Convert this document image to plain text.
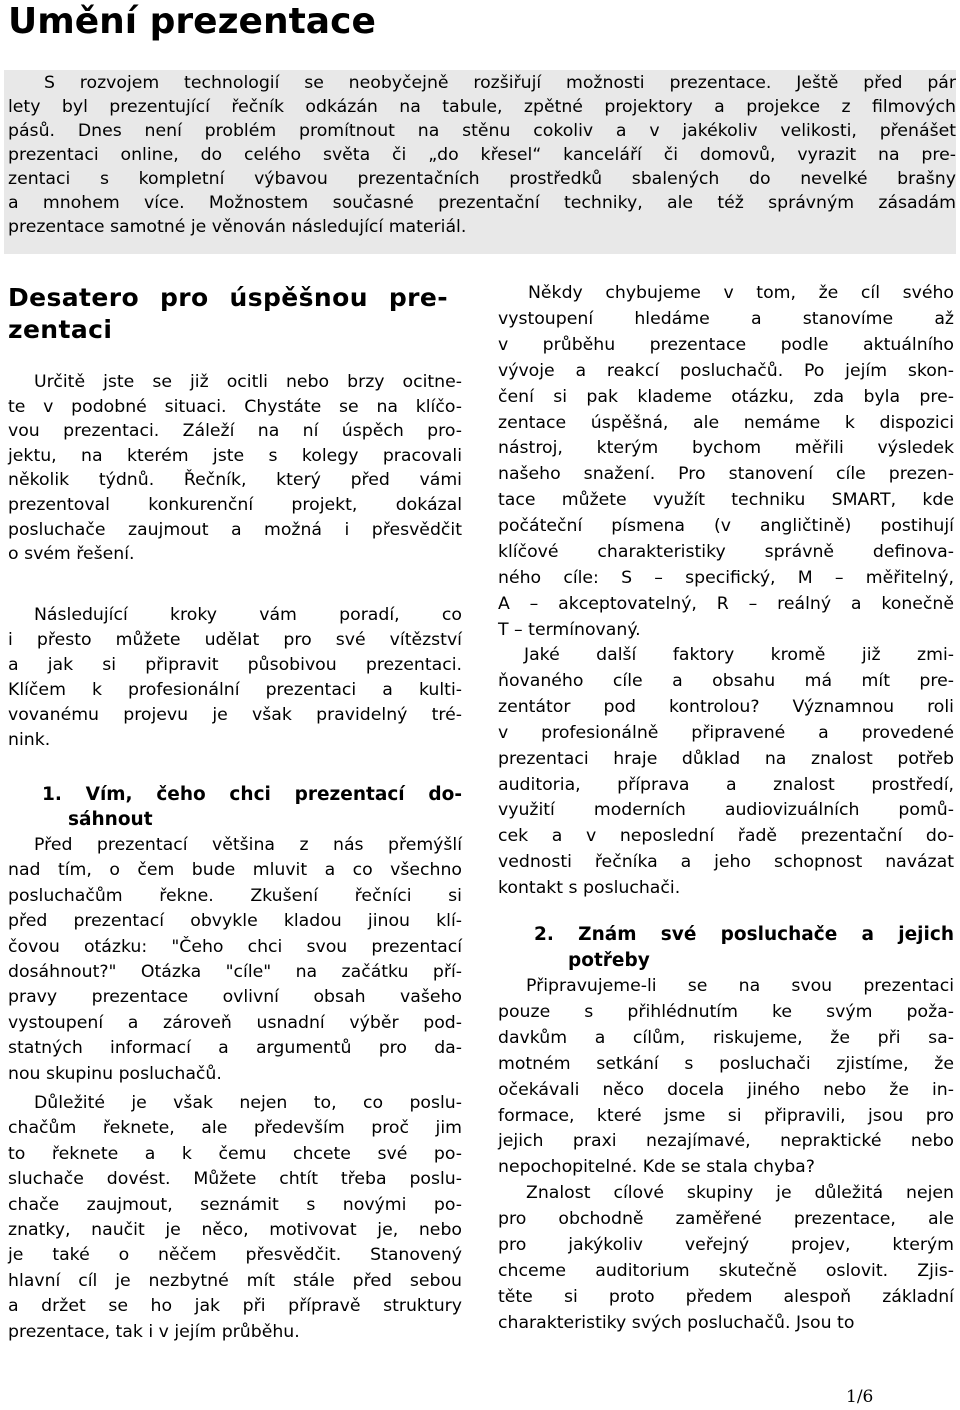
Umění prezentace
S rozvojem technologií se neobyčejně rozšiřují možnosti prezentace. Ještě před pár
lety byl prezentující řečník odkázán na tabule, zpětné projektory a projekce z filmových
pásů. Dnes není problém promítnout na stěnu cokoliv a v jakékoliv velikosti, přenášet
prezentaci online, do celého světa či „do křesel“ kanceláří či domovů, vyrazit na pre-
zentaci s kompletní výbavou prezentačních prostředků sbalených do nevelké brašny
a mnohem více. Možnostem současné prezentační techniky, ale též správným zásadám
prezentace samotné je věnován následující materiál.
Desatero pro úspěšnou pre-
zentaci
Určitě jste se již ocitli nebo brzy ocitne-
te v podobné situaci. Chystáte se na klíčo-
vou prezentaci. Záleží na ní úspěch pro-
jektu, na kterém jste s kolegy pracovali
několik týdnů. Řečník, který před vámi
prezentoval konkurenční projekt, dokázal
posluchače zaujmout a možná i přesvědčit
o svém řešení.
Následující kroky vám poradí, co
i přesto můžete udělat pro své vítězství
a jak si připravit působivou prezentaci.
Klíčem k profesionální prezentaci a kulti-
vovanému projevu je však pravidelný tré-
nink.
1. Vím, čeho chci prezentací do-
sáhnout
Před prezentací většina z nás přemýšlí
nad tím, o čem bude mluvit a co všechno
posluchačům řekne. Zkušení řečníci si
před prezentací obvykle kladou jinou klí-
čovou otázku: "Čeho chci svou prezentací
dosáhnout?" Otázka "cíle" na začátku pří-
pravy prezentace ovlivní obsah vašeho
vystoupení a zároveň usnadní výběr pod-
statných informací a argumentů pro da-
nou skupinu posluchačů.
Důležité je však nejen to, co poslu-
chačům řeknete, ale především proč jim
to řeknete a k čemu chcete své po-
sluchače dovést. Můžete chtít třeba poslu-
chače zaujmout, seznámit s novými po-
znatky, naučit je něco, motivovat je, nebo
je také o něčem přesvědčit. Stanovený
hlavní cíl je nezbytné mít stále před sebou
a držet se ho jak při přípravě struktury
prezentace, tak i v jejím průběhu.
Někdy chybujeme v tom, že cíl svého
vystoupení hledáme a stanovíme až
v průběhu prezentace podle aktuálního
vývoje a reakcí posluchačů. Po jejím skon-
čení si pak klademe otázku, zda byla pre-
zentace úspěšná, ale nemáme k dispozici
nástroj, kterým bychom měřili výsledek
našeho snažení. Pro stanovení cíle prezen-
tace můžete využít techniku SMART, kde
počáteční písmena (v angličtině) postihují
klíčové charakteristiky správně definova-
ného cíle: S – specifický, M – měřitelný,
A – akceptovatelný, R – reálný a konečně
T – termínovaný.
Jaké další faktory kromě již zmi-
ňovaného cíle a obsahu má mít pre-
zentátor pod kontrolou? Významnou roli
v profesionálně připravené a provedené
prezentaci hraje důklad na znalost potřeb
auditoria, příprava a znalost prostředí,
využití moderních audiovizuálních pomů-
cek a v neposlední řadě prezentační do-
vednosti řečníka a jeho schopnost navázat
kontakt s posluchači.
2. Znám své posluchače a jejich
potřeby
Připravujeme-li se na svou prezentaci
pouze s přihlédnutím ke svým poža-
davkům a cílům, riskujeme, že při sa-
motném setkání s posluchači zjistíme, že
očekávali něco docela jiného nebo že in-
formace, které jsme si připravili, jsou pro
jejich praxi nezajímavé, nepraktické nebo
nepochopitelné. Kde se stala chyba?
Znalost cílové skupiny je důležitá nejen
pro obchodně zaměřené prezentace, ale
pro jakýkoliv veřejný projev, kterým
chceme auditorium skutečně oslovit. Zjis-
těte si proto předem alespoň základní
charakteristiky svých posluchačů. Jsou to
1/6
